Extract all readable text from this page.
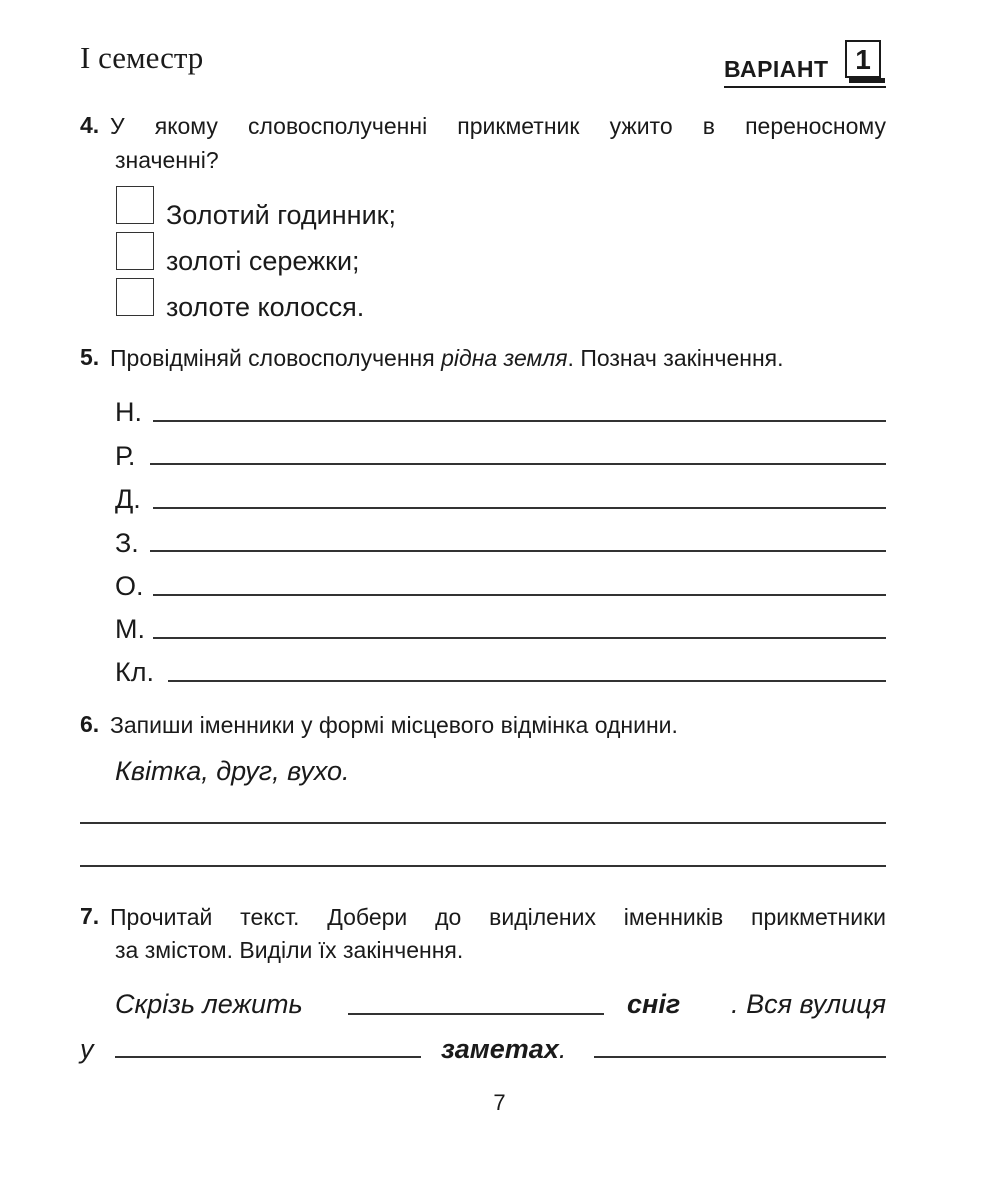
І семестр	ВАРІАНТ 1
4. У якому словосполученні прикметник ужито в переносному
значенні?
Золотий годинник;
золоті сережки;
золоте колосся.
5. Провідміняй словосполучення рідна земля. Познач закінчення.
Н.
Р.
Д.
З.
О.
М.
Кл.
6. Запиши іменники у формі місцевого відмінка однини.
Квітка, друг, вухо.
7. Прочитай текст. Добери до виділених іменників прикметники
за змістом. Виділи їх закінчення.
Скрізь лежить	сніг	. Вся вулиця
у	заметах.
7
